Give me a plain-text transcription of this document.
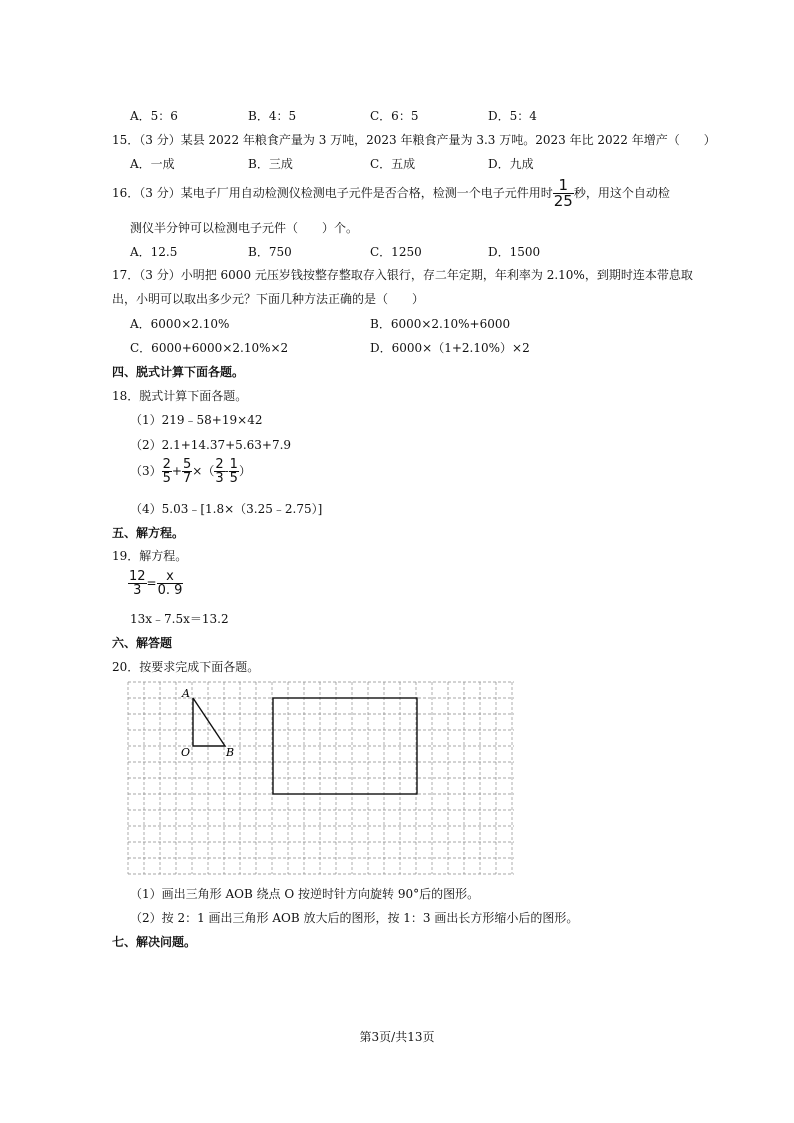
A．5：6	B．4：5	C．6：5	D．5：4
15．（3 分）某县 2022 年粮食产量为 3 万吨，2023 年粮食产量为 3.3 万吨。2023 年比 2022 年增产（　　）
A．一成	B．三成	C．五成	D．九成
16．（3 分）某电子厂用自动检测仪检测电子元件是否合格，检测一个电子元件用时 $\frac{1}{25}$ 秒，用这个自动检
测仪半分钟可以检测电子元件（　　）个。
A．12.5	B．750	C．1250	D．1500
17．（3 分）小明把 6000 元压岁钱按整存整取存入银行，存二年定期，年利率为 2.10%，到期时连本带息取
出，小明可以取出多少元？下面几种方法正确的是（　　）
A．6000×2.10%	B．6000×2.10%+6000
C．6000+6000×2.10%×2	D．6000×（1+2.10%）×2
四、脱式计算下面各题。
18．脱式计算下面各题。
（1）219﹣58+19×42
（2）2.1+14.37+5.63+7.9
$(3) \frac{2}{5} + \frac{5}{7}$ ×（ $\frac{2}{3} - \frac{1}{5}$ ）
（4）5.03﹣[1.8×（3.25﹣2.75）]
五、解方程。
19．解方程。
$\frac{12}{3} = \frac{x}{0. 9}$
13x﹣7.5x＝13.2
六、解答题
20．按要求完成下面各题。
A
O	B
（1）画出三角形 AOB 绕点 O 按逆时针方向旋转 90°后的图形。
（2）按 2：1 画出三角形 AOB 放大后的图形，按 1：3 画出长方形缩小后的图形。
七、解决问题。
第3页/共13页
